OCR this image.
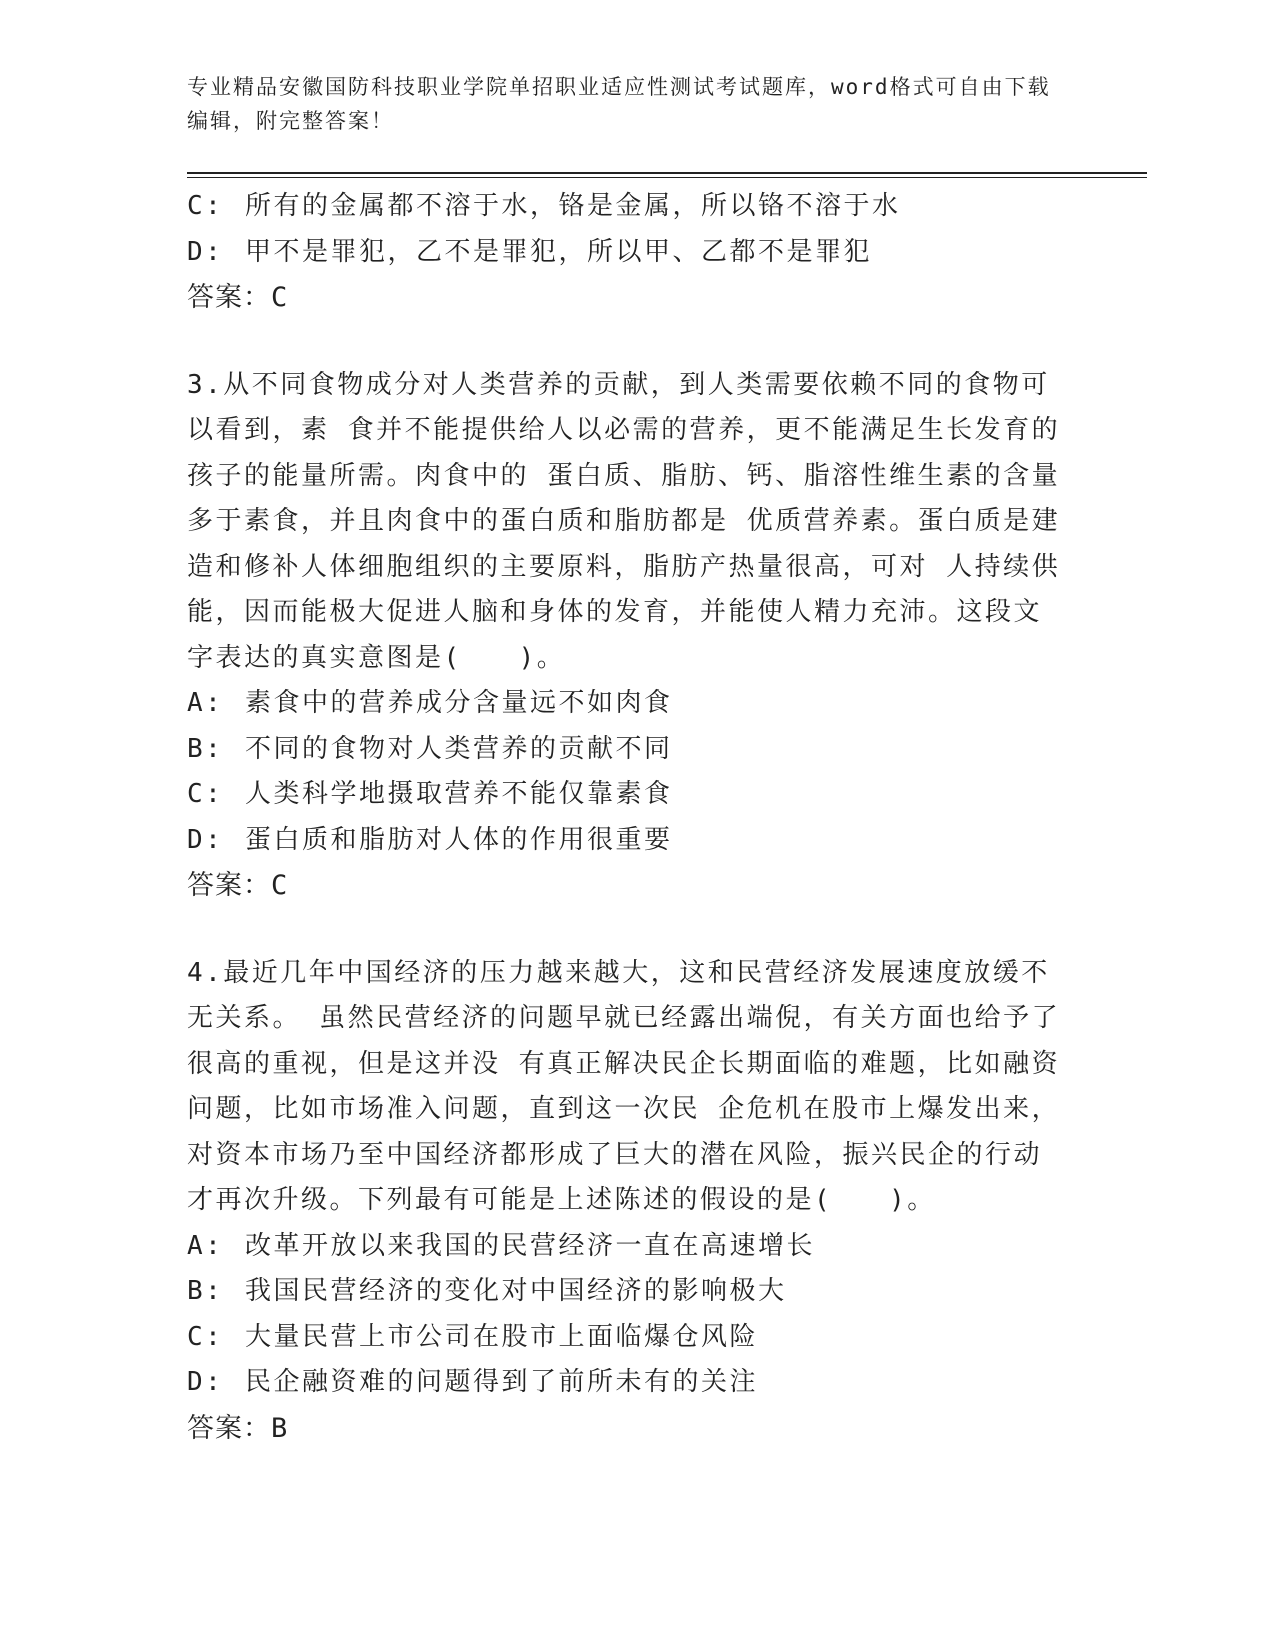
专业精品安徽国防科技职业学院单招职业适应性测试考试题库，word格式可自由下载编辑，附完整答案！
C: 所有的金属都不溶于水，铬是金属，所以铬不溶于水
D: 甲不是罪犯，乙不是罪犯，所以甲、乙都不是罪犯
答案：C
3.从不同食物成分对人类营养的贡献，到人类需要依赖不同的食物可
以看到，素 食并不能提供给人以必需的营养，更不能满足生长发育的
孩子的能量所需。肉食中的 蛋白质、脂肪、钙、脂溶性维生素的含量
多于素食，并且肉食中的蛋白质和脂肪都是 优质营养素。蛋白质是建
造和修补人体细胞组织的主要原料，脂肪产热量很高，可对 人持续供
能，因而能极大促进人脑和身体的发育，并能使人精力充沛。这段文
字表达的真实意图是(　　)。
A: 素食中的营养成分含量远不如肉食
B: 不同的食物对人类营养的贡献不同
C: 人类科学地摄取营养不能仅靠素食
D: 蛋白质和脂肪对人体的作用很重要
答案：C
4.最近几年中国经济的压力越来越大，这和民营经济发展速度放缓不
无关系。 虽然民营经济的问题早就已经露出端倪，有关方面也给予了
很高的重视，但是这并没 有真正解决民企长期面临的难题，比如融资
问题，比如市场准入问题，直到这一次民 企危机在股市上爆发出来，
对资本市场乃至中国经济都形成了巨大的潜在风险，振兴民企的行动
才再次升级。下列最有可能是上述陈述的假设的是(　　)。
A: 改革开放以来我国的民营经济一直在高速增长
B: 我国民营经济的变化对中国经济的影响极大
C: 大量民营上市公司在股市上面临爆仓风险
D: 民企融资难的问题得到了前所未有的关注
答案：B
